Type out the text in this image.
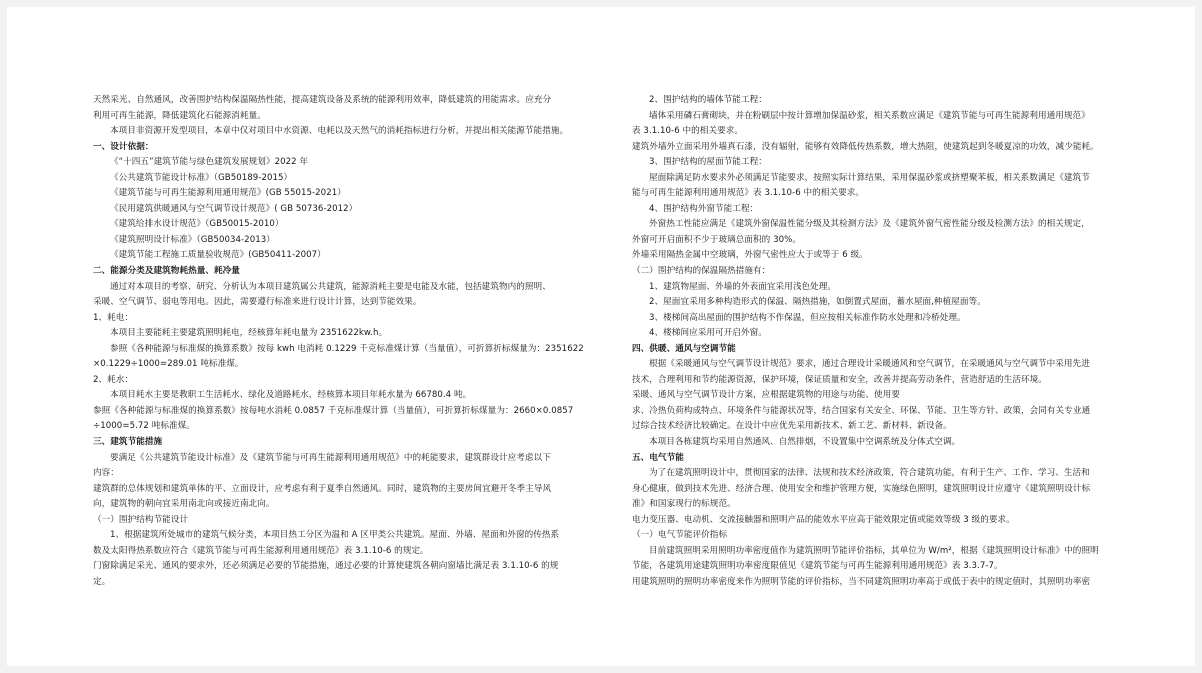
天然采光、自然通风，改善围护结构保温隔热性能，提高建筑设备及系统的能源利用效率，降低建筑的用能需求。应充分
利用可再生能源，降低建筑化石能源消耗量。
本项目非资源开发型项目，本章中仅对项目中水资源、电耗以及天然气的消耗指标进行分析，并提出相关能源节能措施。
一、设计依据：
《“十四五”建筑节能与绿色建筑发展规划》2022 年
《公共建筑节能设计标准》（GB50189-2015）
《建筑节能与可再生能源利用通用规范》(GB 55015-2021）
《民用建筑供暖通风与空气调节设计规范》( GB 50736-2012）
《建筑给排水设计规范》（GB50015-2010）
《建筑照明设计标准》（GB50034-2013）
《建筑节能工程施工质量验收规范》(GB50411-2007）
二、能源分类及建筑物耗热量、耗冷量
通过对本项目的考察、研究、分析认为本项目建筑属公共建筑，能源消耗主要是电能及水能，包括建筑物内的照明、
采暖、空气调节、弱电等用电。因此，需要遵行标准来进行设计计算，达到节能效果。
1、耗电：
本项目主要能耗主要建筑照明耗电，经核算年耗电量为 2351622kw.h。
参照《各种能源与标准煤的换算系数》按每 kwh 电消耗 0.1229 千克标准煤计算（当量值），可折算折标煤量为：2351622
×0.1229÷1000=289.01 吨标准煤。
2、耗水：
本项目耗水主要是教职工生活耗水、绿化及道路耗水，经核算本项目年耗水量为 66780.4 吨。
参照《各种能源与标准煤的换算系数》按每吨水消耗 0.0857 千克标准煤计算（当量值），可折算折标煤量为：2660×0.0857
÷1000=5.72 吨标准煤。
三、建筑节能措施
要满足《公共建筑节能设计标准》及《建筑节能与可再生能源利用通用规范》中的耗能要求，建筑群设计应考虑以下
内容：
建筑群的总体规划和建筑单体的平、立面设计，应考虑有利于夏季自然通风。同时，建筑物的主要房间宜避开冬季主导风
向，建筑物的朝向宜采用南北向或接近南北向。
（一）围护结构节能设计
1、根据建筑所处城市的建筑气候分类，本项目热工分区为温和 A 区甲类公共建筑。屋面、外墙、屋面和外窗的传热系
数及太阳得热系数应符合《建筑节能与可再生能源利用通用规范》表 3.1.10-6 的规定。
门窗除满足采光、通风的要求外，还必须满足必要的节能措施，通过必要的计算使建筑各朝向窗墙比满足表 3.1.10-6 的规
定。
2、围护结构的墙体节能工程：
墙体采用磷石膏砌块，并在粉刷层中按计算增加保温砂浆，相关系数应满足《建筑节能与可再生能源利用通用规范》
表 3.1.10-6 中的相关要求。
建筑外墙外立面采用外墙真石漆，没有辐射，能够有效降低传热系数，增大热阻，使建筑起到冬暖夏凉的功效，减少能耗。
3、围护结构的屋面节能工程：
屋面除满足防水要求外必须满足节能要求，按照实际计算结果，采用保温砂浆或挤塑聚苯板，相关系数满足《建筑节
能与可再生能源利用通用规范》表 3.1.10-6 中的相关要求。
4、围护结构外窗节能工程：
外窗热工性能应满足《建筑外窗保温性能分级及其检测方法》及《建筑外窗气密性能分级及检测方法》的相关规定，
外窗可开启面积不少于玻璃总面积的 30%。
外墙采用隔热金属中空玻璃，外窗气密性应大于或等于 6 级。
（二）围护结构的保温隔热措施有：
1、建筑物屋面、外墙的外表面宜采用浅色处理。
2、屋面宜采用多种构造形式的保温、隔热措施，如倒置式屋面，蓄水屋面,种植屋面等。
3、楼梯间高出屋面的围护结构不作保温，但应按相关标准作防水处理和冷桥处理。
4、楼梯间应采用可开启外窗。
四、供暖、通风与空调节能
根据《采暖通风与空气调节设计规范》要求，通过合理设计采暖通风和空气调节，在采暖通风与空气调节中采用先进
技术，合理利用和节约能源资源，保护环境，保证质量和安全，改善并提高劳动条件，营造舒适的生活环境。
采暖、通风与空气调节设计方案，应根据建筑物的用途与功能、使用要
求、冷热负荷构成特点、环境条件与能源状况等，结合国家有关安全、环保、节能、卫生等方针、政策，会同有关专业通
过综合技术经济比较确定。在设计中应优先采用新技术、新工艺、新材料、新设备。
本项目各栋建筑均采用自然通风、自然排烟，不设置集中空调系统及分体式空调。
五、电气节能
为了在建筑照明设计中，贯彻国家的法律、法规和技术经济政策，符合建筑功能，有利于生产、工作、学习、生活和
身心健康，做到技术先进、经济合理、使用安全和维护管理方便，实施绿色照明，建筑照明设计应遵守《建筑照明设计标
准》和国家现行的标规范。
电力变压器、电动机、交流接触器和照明产品的能效水平应高于能效限定值或能效等级 3 级的要求。
（一）电气节能评价指标
目前建筑照明采用照明功率密度值作为建筑照明节能评价指标，其单位为 W/m²，根据《建筑照明设计标准》中的照明
节能，各建筑用途建筑照明功率密度限值见《建筑节能与可再生能源利用通用规范》表 3.3.7-7。
用建筑照明的照明功率密度来作为照明节能的评价指标，当不同建筑照明功率高于或低于表中的规定值时，其照明功率密
